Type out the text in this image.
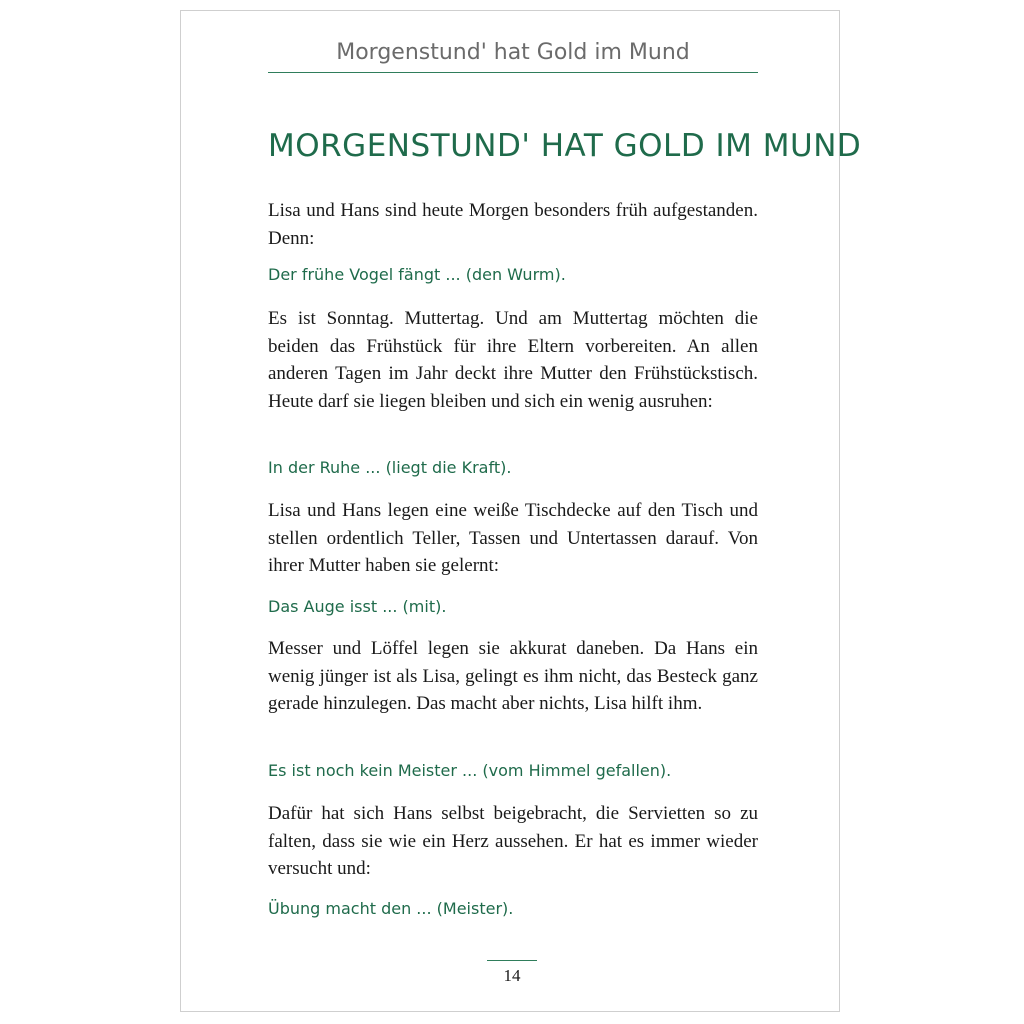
Morgenstund' hat Gold im Mund
MORGENSTUND' HAT GOLD IM MUND

Lisa und Hans sind heute Morgen besonders früh aufgestanden. Denn:

Der frühe Vogel fängt ... (den Wurm).

Es ist Sonntag. Muttertag. Und am Muttertag möchten die beiden das Frühstück für ihre Eltern vorbereiten. An allen anderen Tagen im Jahr deckt ihre Mutter den Frühstückstisch. Heute darf sie liegen bleiben und sich ein wenig ausruhen:

In der Ruhe ... (liegt die Kraft).

Lisa und Hans legen eine weiße Tischdecke auf den Tisch und stellen ordentlich Teller, Tassen und Untertassen darauf. Von ihrer Mutter haben sie gelernt:

Das Auge isst ... (mit).

Messer und Löffel legen sie akkurat daneben. Da Hans ein wenig jünger ist als Lisa, gelingt es ihm nicht, das Besteck ganz gerade hinzulegen. Das macht aber nichts, Lisa hilft ihm.

Es ist noch kein Meister ... (vom Himmel gefallen).

Dafür hat sich Hans selbst beigebracht, die Servietten so zu falten, dass sie wie ein Herz aussehen. Er hat es immer wieder versucht und:

Übung macht den ... (Meister).

14
